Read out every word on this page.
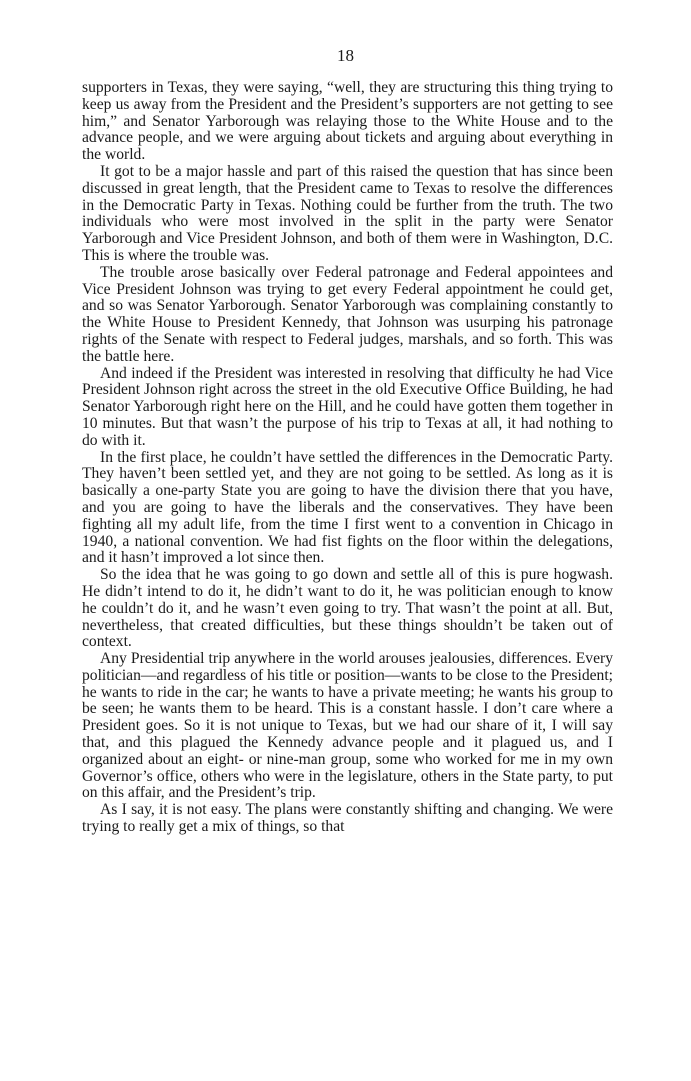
18

supporters in Texas, they were saying, “well, they are structuring this thing trying to keep us away from the President and the President’s supporters are not getting to see him,” and Senator Yarborough was relaying those to the White House and to the advance people, and we were arguing about tickets and arguing about everything in the world.

It got to be a major hassle and part of this raised the question that has since been discussed in great length, that the President came to Texas to resolve the differences in the Democratic Party in Texas. Nothing could be further from the truth. The two individuals who were most involved in the split in the party were Senator Yarborough and Vice President Johnson, and both of them were in Washington, D.C. This is where the trouble was.

The trouble arose basically over Federal patronage and Federal appointees and Vice President Johnson was trying to get every Federal appointment he could get, and so was Senator Yarborough. Senator Yarborough was complaining constantly to the White House to President Kennedy, that Johnson was usurping his patronage rights of the Senate with respect to Federal judges, marshals, and so forth. This was the battle here.

And indeed if the President was interested in resolving that difficulty he had Vice President Johnson right across the street in the old Executive Office Building, he had Senator Yarborough right here on the Hill, and he could have gotten them together in 10 minutes. But that wasn’t the purpose of his trip to Texas at all, it had nothing to do with it.

In the first place, he couldn’t have settled the differences in the Democratic Party. They haven’t been settled yet, and they are not going to be settled. As long as it is basically a one-party State you are going to have the division there that you have, and you are going to have the liberals and the conservatives. They have been fighting all my adult life, from the time I first went to a convention in Chicago in 1940, a national convention. We had fist fights on the floor within the delegations, and it hasn’t improved a lot since then.

So the idea that he was going to go down and settle all of this is pure hogwash. He didn’t intend to do it, he didn’t want to do it, he was politician enough to know he couldn’t do it, and he wasn’t even going to try. That wasn’t the point at all. But, nevertheless, that created difficulties, but these things shouldn’t be taken out of context.

Any Presidential trip anywhere in the world arouses jealousies, differences. Every politician—and regardless of his title or position—wants to be close to the President; he wants to ride in the car; he wants to have a private meeting; he wants his group to be seen; he wants them to be heard. This is a constant hassle. I don’t care where a President goes. So it is not unique to Texas, but we had our share of it, I will say that, and this plagued the Kennedy advance people and it plagued us, and I organized about an eight- or nine-man group, some who worked for me in my own Governor’s office, others who were in the legislature, others in the State party, to put on this affair, and the President’s trip.

As I say, it is not easy. The plans were constantly shifting and changing. We were trying to really get a mix of things, so that
